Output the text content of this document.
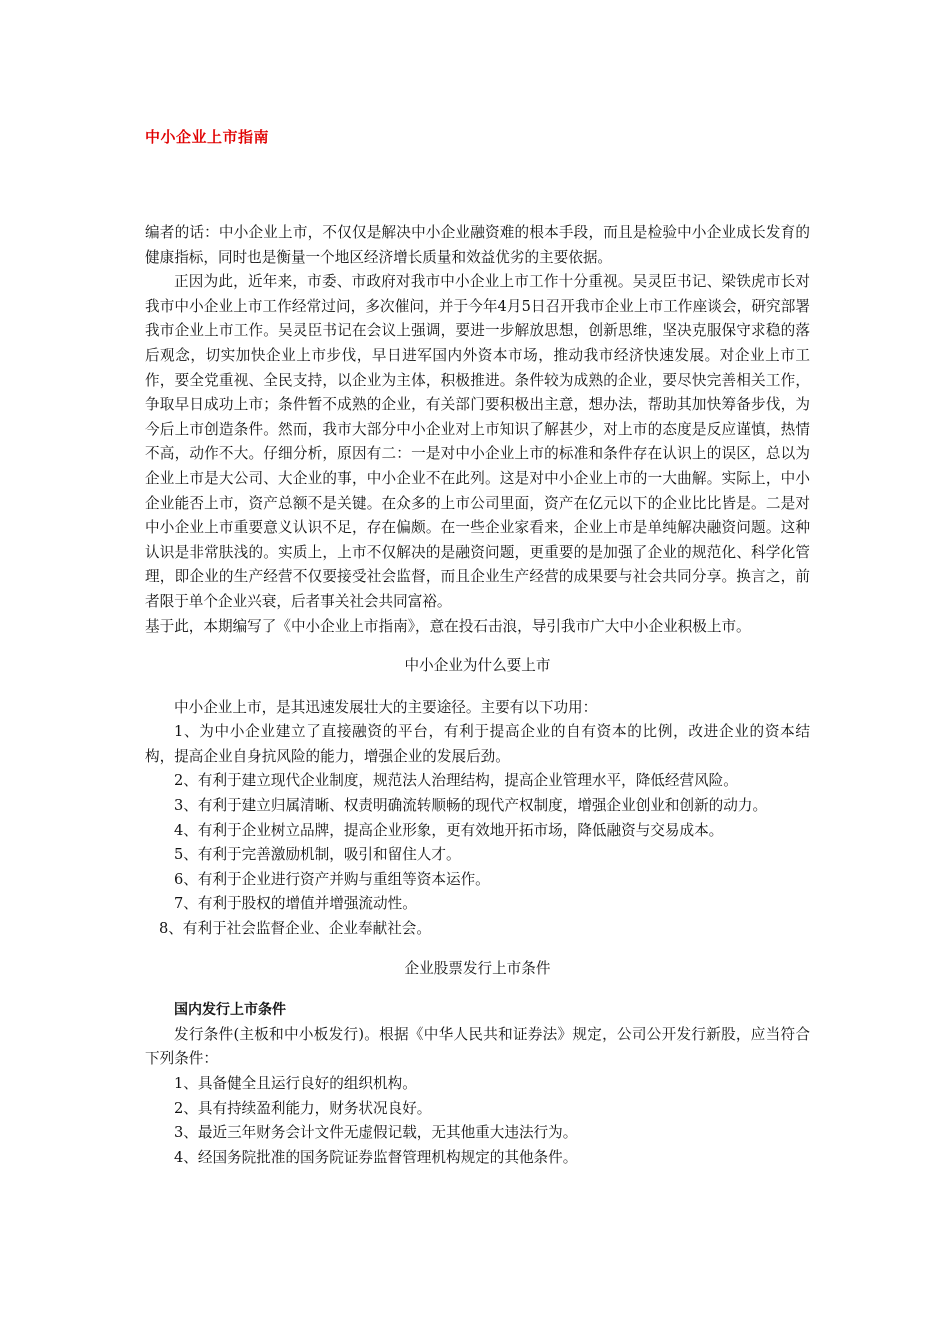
中小企业上市指南

编者的话：中小企业上市，不仅仅是解决中小企业融资难的根本手段，而且是检验中小企业成长发育的健康指标，同时也是衡量一个地区经济增长质量和效益优劣的主要依据。

正因为此，近年来，市委、市政府对我市中小企业上市工作十分重视。吴灵臣书记、梁铁虎市长对我市中小企业上市工作经常过问，多次催问，并于今年4月5日召开我市企业上市工作座谈会，研究部署我市企业上市工作。吴灵臣书记在会议上强调，要进一步解放思想，创新思维，坚决克服保守求稳的落后观念，切实加快企业上市步伐，早日进军国内外资本市场，推动我市经济快速发展。对企业上市工作，要全党重视、全民支持，以企业为主体，积极推进。条件较为成熟的企业，要尽快完善相关工作，争取早日成功上市；条件暂不成熟的企业，有关部门要积极出主意，想办法，帮助其加快筹备步伐，为今后上市创造条件。然而，我市大部分中小企业对上市知识了解甚少，对上市的态度是反应谨慎，热情不高，动作不大。仔细分析，原因有二：一是对中小企业上市的标准和条件存在认识上的误区，总以为企业上市是大公司、大企业的事，中小企业不在此列。这是对中小企业上市的一大曲解。实际上，中小企业能否上市，资产总额不是关键。在众多的上市公司里面，资产在亿元以下的企业比比皆是。二是对中小企业上市重要意义认识不足，存在偏颇。在一些企业家看来，企业上市是单纯解决融资问题。这种认识是非常肤浅的。实质上，上市不仅解决的是融资问题，更重要的是加强了企业的规范化、科学化管理，即企业的生产经营不仅要接受社会监督，而且企业生产经营的成果要与社会共同分享。换言之，前者限于单个企业兴衰，后者事关社会共同富裕。

基于此，本期编写了《中小企业上市指南》，意在投石击浪，导引我市广大中小企业积极上市。

中小企业为什么要上市

中小企业上市，是其迅速发展壮大的主要途径。主要有以下功用：

1、为中小企业建立了直接融资的平台，有利于提高企业的自有资本的比例，改进企业的资本结构，提高企业自身抗风险的能力，增强企业的发展后劲。

2、有利于建立现代企业制度，规范法人治理结构，提高企业管理水平，降低经营风险。

3、有利于建立归属清晰、权责明确流转顺畅的现代产权制度，增强企业创业和创新的动力。

4、有利于企业树立品牌，提高企业形象，更有效地开拓市场，降低融资与交易成本。

5、有利于完善激励机制，吸引和留住人才。

6、有利于企业进行资产并购与重组等资本运作。

7、有利于股权的增值并增强流动性。

8、有利于社会监督企业、企业奉献社会。

企业股票发行上市条件

国内发行上市条件

发行条件(主板和中小板发行)。根据《中华人民共和证券法》规定，公司公开发行新股，应当符合下列条件：

1、具备健全且运行良好的组织机构。

2、具有持续盈利能力，财务状况良好。

3、最近三年财务会计文件无虚假记载，无其他重大违法行为。

4、经国务院批准的国务院证券监督管理机构规定的其他条件。
